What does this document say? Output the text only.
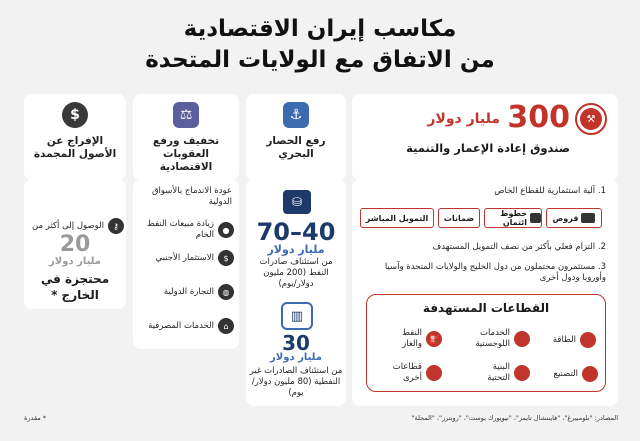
مكاسب إيران الاقتصادية
من الاتفاق مع الولايات المتحدة
⚒
300
مليار دولار
صندوق إعادة الإعمار والتنمية
1. آلية استثمارية للقطاع الخاص
قروض
خطوط ائتمان
ضمانات
التمويل المباشر
2. التزام فعلي بأكثر من نصف التمويل المستهدف
3. مستثمرون محتملون من دول الخليج والولايات المتحدة وآسيا وأوروبا ودول أخرى
القطاعات المستهدفة
⚡
الطاقة
▣
الخدمات اللوجستية
⛽
النفط والغاز
⚙
التصنيع
⌂
البنية التحتية
⋯
قطاعات أخرى
⚓
رفع الحصار البحري
⛁
70–40
مليار دولار
من استئناف صادرات النفط (200 مليون دولار/يوم)
▥
30
مليار دولار
من استئناف الصادرات غير النفطية (80 مليون دولار/يوم)
⚖
تخفيف ورفع العقوبات الاقتصادية
عودة الاندماج بالأسواق الدولية
●
زيادة مبيعات النفط الخام
$
الاستثمار الأجنبي
◍
التجارة الدولية
⌂
الخدمات المصرفية
$
الإفراج عن الأصول المجمدة
⚷
الوصول إلى أكثر من
20
مليار دولار
محتجزة في الخارج *
المصادر: "بلومبيرغ"، "فايننشال تايمز"، "نيويورك بوست"، "رويترز"، "المجلة"
* مقدرة
